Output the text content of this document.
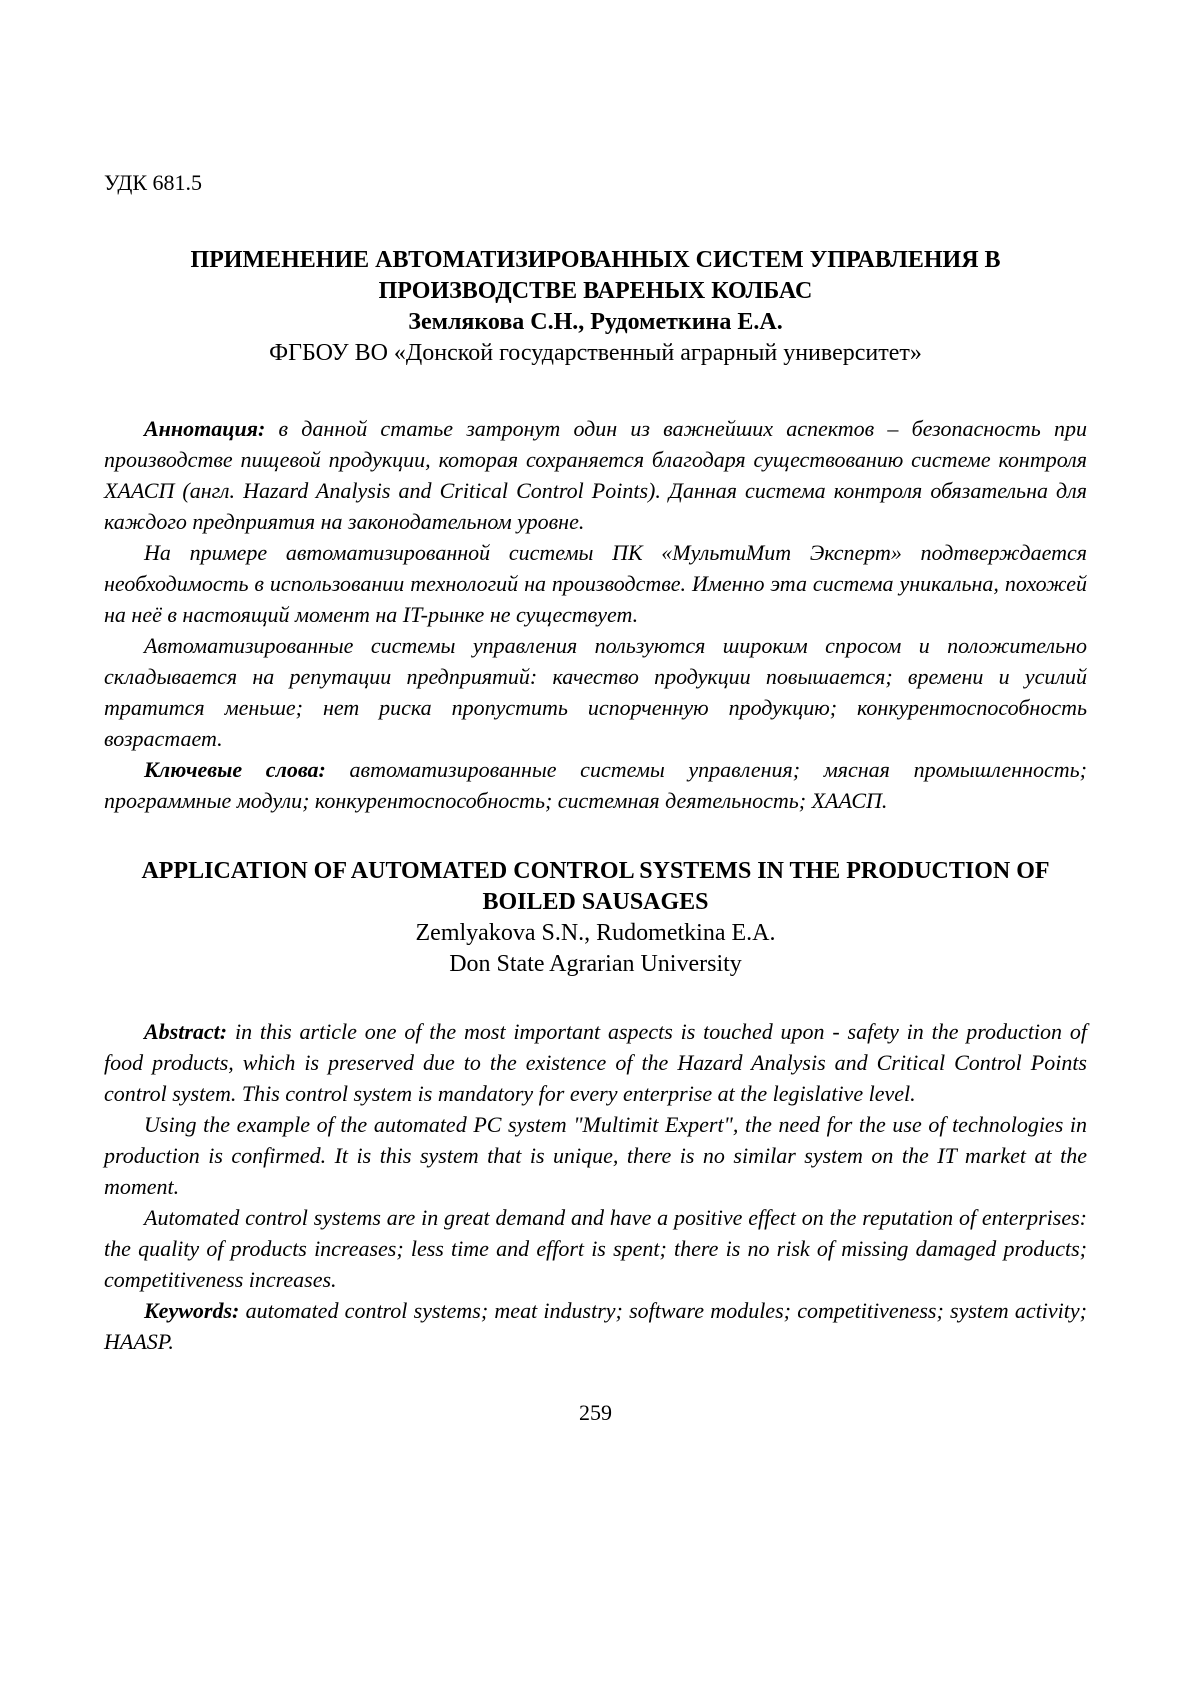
УДК 681.5

ПРИМЕНЕНИЕ АВТОМАТИЗИРОВАННЫХ СИСТЕМ УПРАВЛЕНИЯ В ПРОИЗВОДСТВЕ ВАРЕНЫХ КОЛБАС

Землякова С.Н., Рудометкина Е.А.

ФГБОУ ВО «Донской государственный аграрный университет»

Аннотация: в данной статье затронут один из важнейших аспектов – безопасность при производстве пищевой продукции, которая сохраняется благодаря существованию системе контроля ХААСП (англ. Hazard Analysis and Critical Control Points). Данная система контроля обязательна для каждого предприятия на законодательном уровне.

На примере автоматизированной системы ПК «МультиМит Эксперт» подтверждается необходимость в использовании технологий на производстве. Именно эта система уникальна, похожей на неё в настоящий момент на IT-рынке не существует.

Автоматизированные системы управления пользуются широким спросом и положительно складывается на репутации предприятий: качество продукции повышается; времени и усилий тратится меньше; нет риска пропустить испорченную продукцию; конкурентоспособность возрастает.

Ключевые слова: автоматизированные системы управления; мясная промышленность; программные модули; конкурентоспособность; системная деятельность; ХААСП.

APPLICATION OF AUTOMATED CONTROL SYSTEMS IN THE PRODUCTION OF BOILED SAUSAGES

Zemlyakova S.N., Rudometkina E.A.

Don State Agrarian University

Abstract: in this article one of the most important aspects is touched upon - safety in the production of food products, which is preserved due to the existence of the Hazard Analysis and Critical Control Points control system. This control system is mandatory for every enterprise at the legislative level.

Using the example of the automated PC system "Multimit Expert", the need for the use of technologies in production is confirmed. It is this system that is unique, there is no similar system on the IT market at the moment.

Automated control systems are in great demand and have a positive effect on the reputation of enterprises: the quality of products increases; less time and effort is spent; there is no risk of missing damaged products; competitiveness increases.

Keywords: automated control systems; meat industry; software modules; competitiveness; system activity; HAASP.

259
